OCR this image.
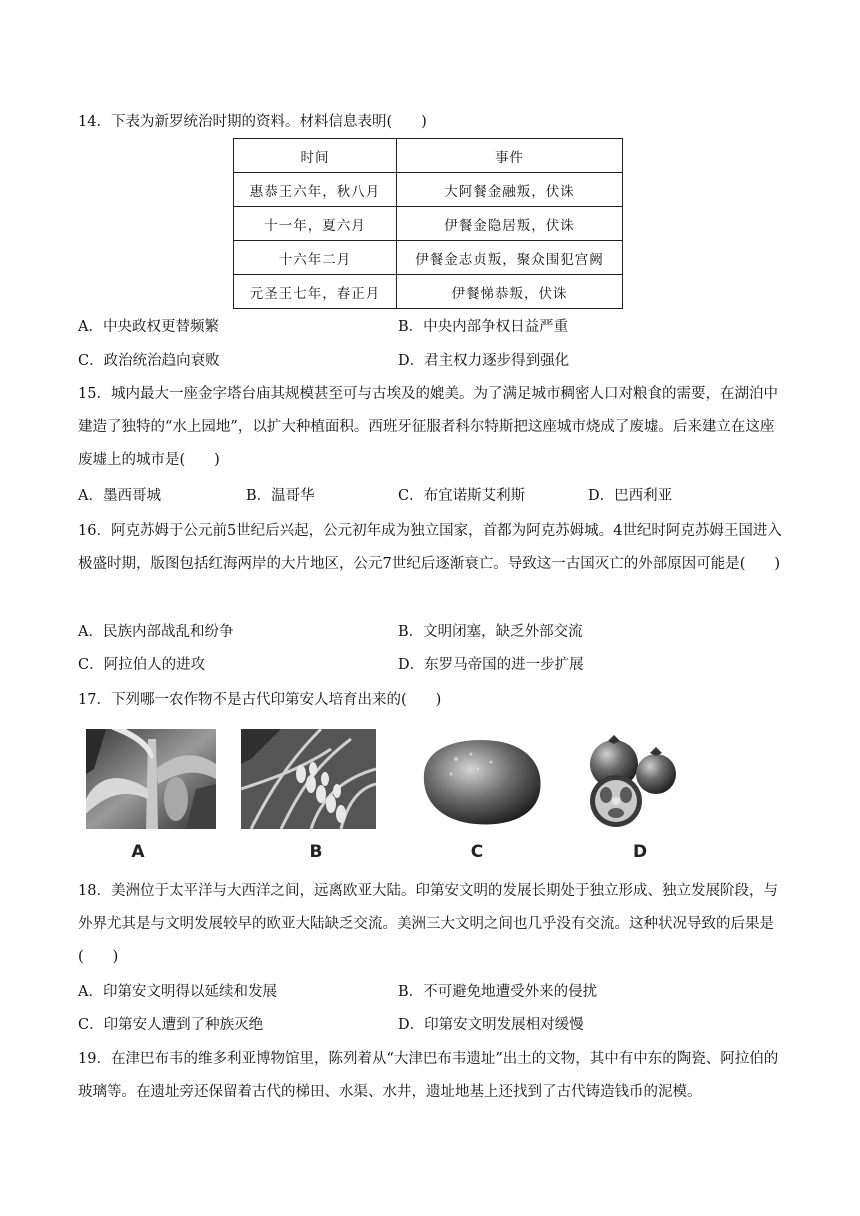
14．下表为新罗统治时期的资料。材料信息表明(　　)

时间	事件
惠恭王六年，秋八月	大阿餐金融叛，伏诛
十一年，夏六月	伊餐金隐居叛，伏诛
十六年二月	伊餐金志贞叛，聚众围犯宫阙
元圣王七年，春正月	伊餐悌恭叛，伏诛
A．中央政权更替频繁	B．中央内部争权日益严重
C．政治统治趋向衰败	D．君主权力逐步得到强化

15．城内最大一座金字塔台庙其规模甚至可与古埃及的媲美。为了满足城市稠密人口对粮食的需要，在湖泊中建造了独特的“水上园地”，以扩大种植面积。西班牙征服者科尔特斯把这座城市烧成了废墟。后来建立在这座废墟上的城市是(　　)

A．墨西哥城	B．温哥华	C．布宜诺斯艾利斯	D．巴西利亚

16．阿克苏姆于公元前5世纪后兴起，公元初年成为独立国家，首都为阿克苏姆城。4世纪时阿克苏姆王国进入极盛时期，版图包括红海两岸的大片地区，公元7世纪后逐渐衰亡。导致这一古国灭亡的外部原因可能是(　　)

A．民族内部战乱和纷争	B．文明闭塞，缺乏外部交流
C．阿拉伯人的进攻	D．东罗马帝国的进一步扩展

17．下列哪一农作物不是古代印第安人培育出来的(　　)

A	B	C	D

18．美洲位于太平洋与大西洋之间，远离欧亚大陆。印第安文明的发展长期处于独立形成、独立发展阶段，与外界尤其是与文明发展较早的欧亚大陆缺乏交流。美洲三大文明之间也几乎没有交流。这种状况导致的后果是(　　)

A．印第安文明得以延续和发展	B．不可避免地遭受外来的侵扰
C．印第安人遭到了种族灭绝	D．印第安文明发展相对缓慢

19．在津巴布韦的维多利亚博物馆里，陈列着从“大津巴布韦遗址”出土的文物，其中有中东的陶瓷、阿拉伯的玻璃等。在遗址旁还保留着古代的梯田、水渠、水井，遗址地基上还找到了古代铸造钱币的泥模。
